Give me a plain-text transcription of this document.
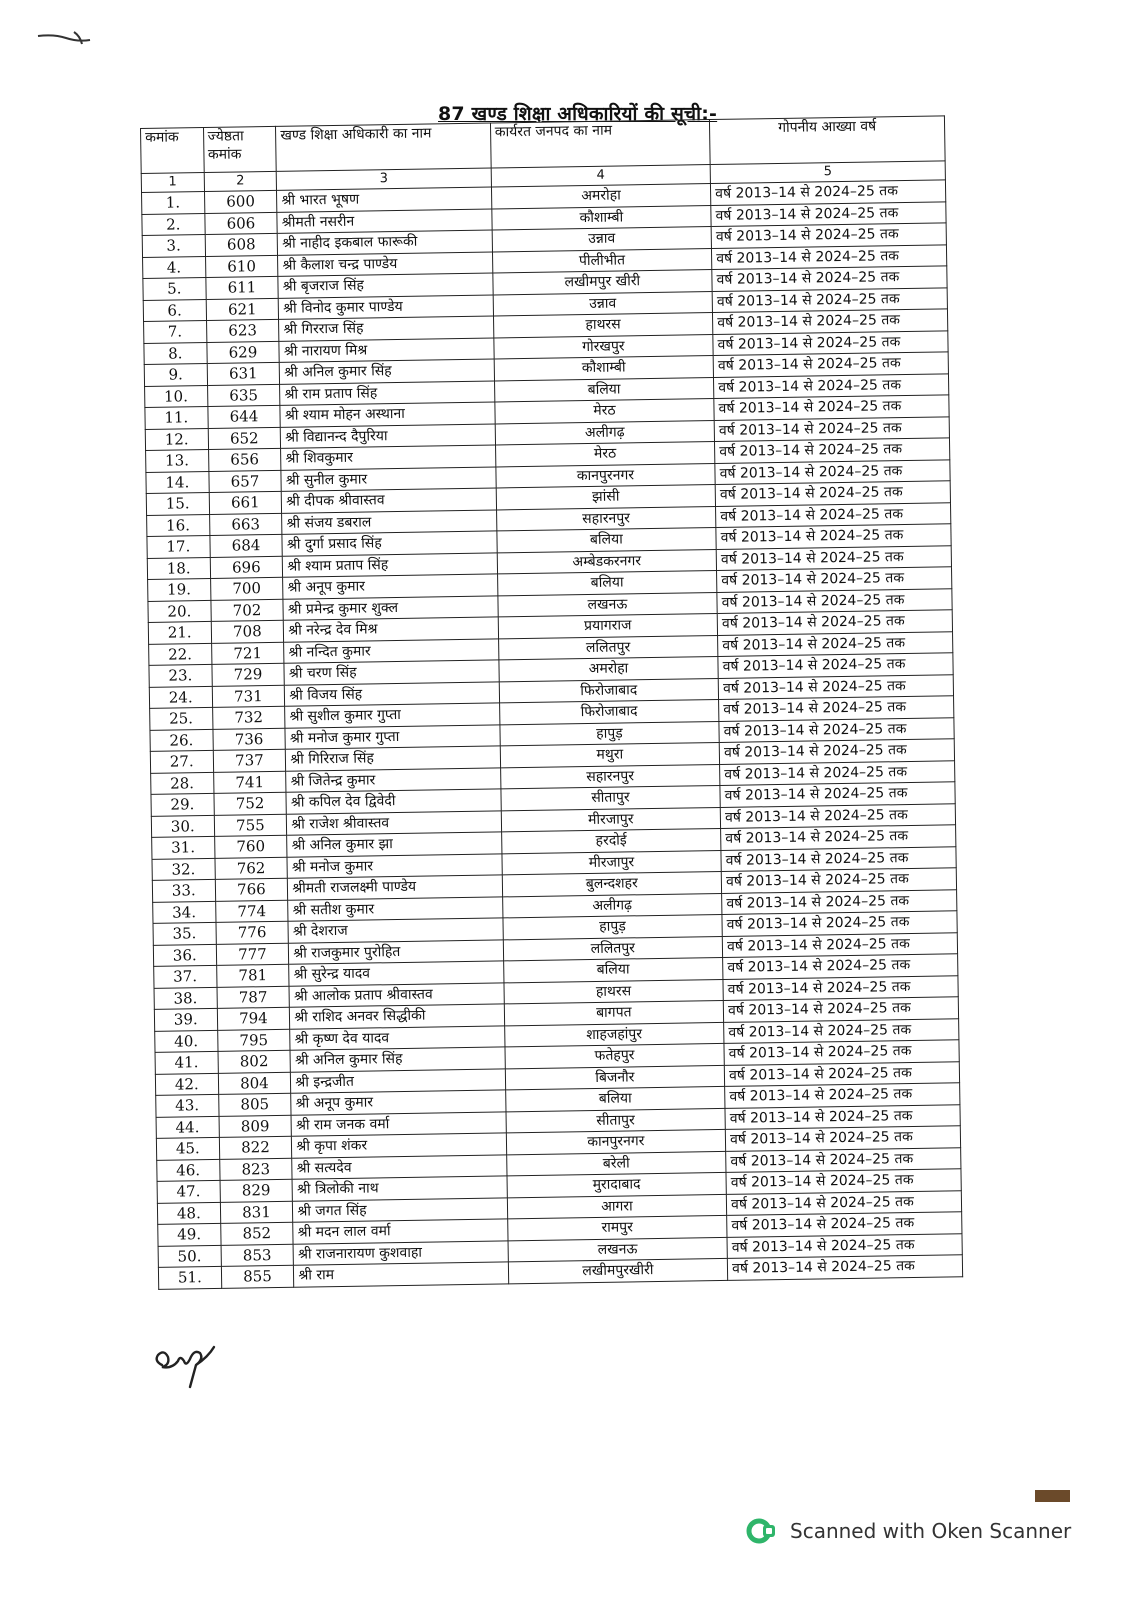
87 खण्ड शिक्षा अधिकारियों की सूची:-
कमांक	ज्येष्ठता कमांक	खण्ड शिक्षा अधिकारी का नाम	कार्यरत जनपद का नाम	गोपनीय आख्या वर्ष
1	2	3	4	5
1.	600	श्री भारत भूषण	अमरोहा	वर्ष 2013–14 से 2024–25 तक
2.	606	श्रीमती नसरीन	कौशाम्बी	वर्ष 2013–14 से 2024–25 तक
3.	608	श्री नाहीद इकबाल फारूकी	उन्नाव	वर्ष 2013–14 से 2024–25 तक
4.	610	श्री कैलाश चन्द्र पाण्डेय	पीलीभीत	वर्ष 2013–14 से 2024–25 तक
5.	611	श्री बृजराज सिंह	लखीमपुर खीरी	वर्ष 2013–14 से 2024–25 तक
6.	621	श्री विनोद कुमार पाण्डेय	उन्नाव	वर्ष 2013–14 से 2024–25 तक
7.	623	श्री गिरराज सिंह	हाथरस	वर्ष 2013–14 से 2024–25 तक
8.	629	श्री नारायण मिश्र	गोरखपुर	वर्ष 2013–14 से 2024–25 तक
9.	631	श्री अनिल कुमार सिंह	कौशाम्बी	वर्ष 2013–14 से 2024–25 तक
10.	635	श्री राम प्रताप सिंह	बलिया	वर्ष 2013–14 से 2024–25 तक
11.	644	श्री श्याम मोहन अस्थाना	मेरठ	वर्ष 2013–14 से 2024–25 तक
12.	652	श्री विद्यानन्द दैपुरिया	अलीगढ़	वर्ष 2013–14 से 2024–25 तक
13.	656	श्री शिवकुमार	मेरठ	वर्ष 2013–14 से 2024–25 तक
14.	657	श्री सुनील कुमार	कानपुरनगर	वर्ष 2013–14 से 2024–25 तक
15.	661	श्री दीपक श्रीवास्तव	झांसी	वर्ष 2013–14 से 2024–25 तक
16.	663	श्री संजय डबराल	सहारनपुर	वर्ष 2013–14 से 2024–25 तक
17.	684	श्री दुर्गा प्रसाद सिंह	बलिया	वर्ष 2013–14 से 2024–25 तक
18.	696	श्री श्याम प्रताप सिंह	अम्बेडकरनगर	वर्ष 2013–14 से 2024–25 तक
19.	700	श्री अनूप कुमार	बलिया	वर्ष 2013–14 से 2024–25 तक
20.	702	श्री प्रमेन्द्र कुमार शुक्ल	लखनऊ	वर्ष 2013–14 से 2024–25 तक
21.	708	श्री नरेन्द्र देव मिश्र	प्रयागराज	वर्ष 2013–14 से 2024–25 तक
22.	721	श्री नन्दित कुमार	ललितपुर	वर्ष 2013–14 से 2024–25 तक
23.	729	श्री चरण सिंह	अमरोहा	वर्ष 2013–14 से 2024–25 तक
24.	731	श्री विजय सिंह	फिरोजाबाद	वर्ष 2013–14 से 2024–25 तक
25.	732	श्री सुशील कुमार गुप्ता	फिरोजाबाद	वर्ष 2013–14 से 2024–25 तक
26.	736	श्री मनोज कुमार गुप्ता	हापुड़	वर्ष 2013–14 से 2024–25 तक
27.	737	श्री गिरिराज सिंह	मथुरा	वर्ष 2013–14 से 2024–25 तक
28.	741	श्री जितेन्द्र कुमार	सहारनपुर	वर्ष 2013–14 से 2024–25 तक
29.	752	श्री कपिल देव द्विवेदी	सीतापुर	वर्ष 2013–14 से 2024–25 तक
30.	755	श्री राजेश श्रीवास्तव	मीरजापुर	वर्ष 2013–14 से 2024–25 तक
31.	760	श्री अनिल कुमार झा	हरदोई	वर्ष 2013–14 से 2024–25 तक
32.	762	श्री मनोज कुमार	मीरजापुर	वर्ष 2013–14 से 2024–25 तक
33.	766	श्रीमती राजलक्ष्मी पाण्डेय	बुलन्दशहर	वर्ष 2013–14 से 2024–25 तक
34.	774	श्री सतीश कुमार	अलीगढ़	वर्ष 2013–14 से 2024–25 तक
35.	776	श्री देशराज	हापुड़	वर्ष 2013–14 से 2024–25 तक
36.	777	श्री राजकुमार पुरोहित	ललितपुर	वर्ष 2013–14 से 2024–25 तक
37.	781	श्री सुरेन्द्र यादव	बलिया	वर्ष 2013–14 से 2024–25 तक
38.	787	श्री आलोक प्रताप श्रीवास्तव	हाथरस	वर्ष 2013–14 से 2024–25 तक
39.	794	श्री राशिद अनवर सिद्धीकी	बागपत	वर्ष 2013–14 से 2024–25 तक
40.	795	श्री कृष्ण देव यादव	शाहजहांपुर	वर्ष 2013–14 से 2024–25 तक
41.	802	श्री अनिल कुमार सिंह	फतेहपुर	वर्ष 2013–14 से 2024–25 तक
42.	804	श्री इन्द्रजीत	बिजनौर	वर्ष 2013–14 से 2024–25 तक
43.	805	श्री अनूप कुमार	बलिया	वर्ष 2013–14 से 2024–25 तक
44.	809	श्री राम जनक वर्मा	सीतापुर	वर्ष 2013–14 से 2024–25 तक
45.	822	श्री कृपा शंकर	कानपुरनगर	वर्ष 2013–14 से 2024–25 तक
46.	823	श्री सत्यदेव	बरेली	वर्ष 2013–14 से 2024–25 तक
47.	829	श्री त्रिलोकी नाथ	मुरादाबाद	वर्ष 2013–14 से 2024–25 तक
48.	831	श्री जगत सिंह	आगरा	वर्ष 2013–14 से 2024–25 तक
49.	852	श्री मदन लाल वर्मा	रामपुर	वर्ष 2013–14 से 2024–25 तक
50.	853	श्री राजनारायण कुशवाहा	लखनऊ	वर्ष 2013–14 से 2024–25 तक
51.	855	श्री राम	लखीमपुरखीरी	वर्ष 2013–14 से 2024–25 तक
Scanned with Oken Scanner
